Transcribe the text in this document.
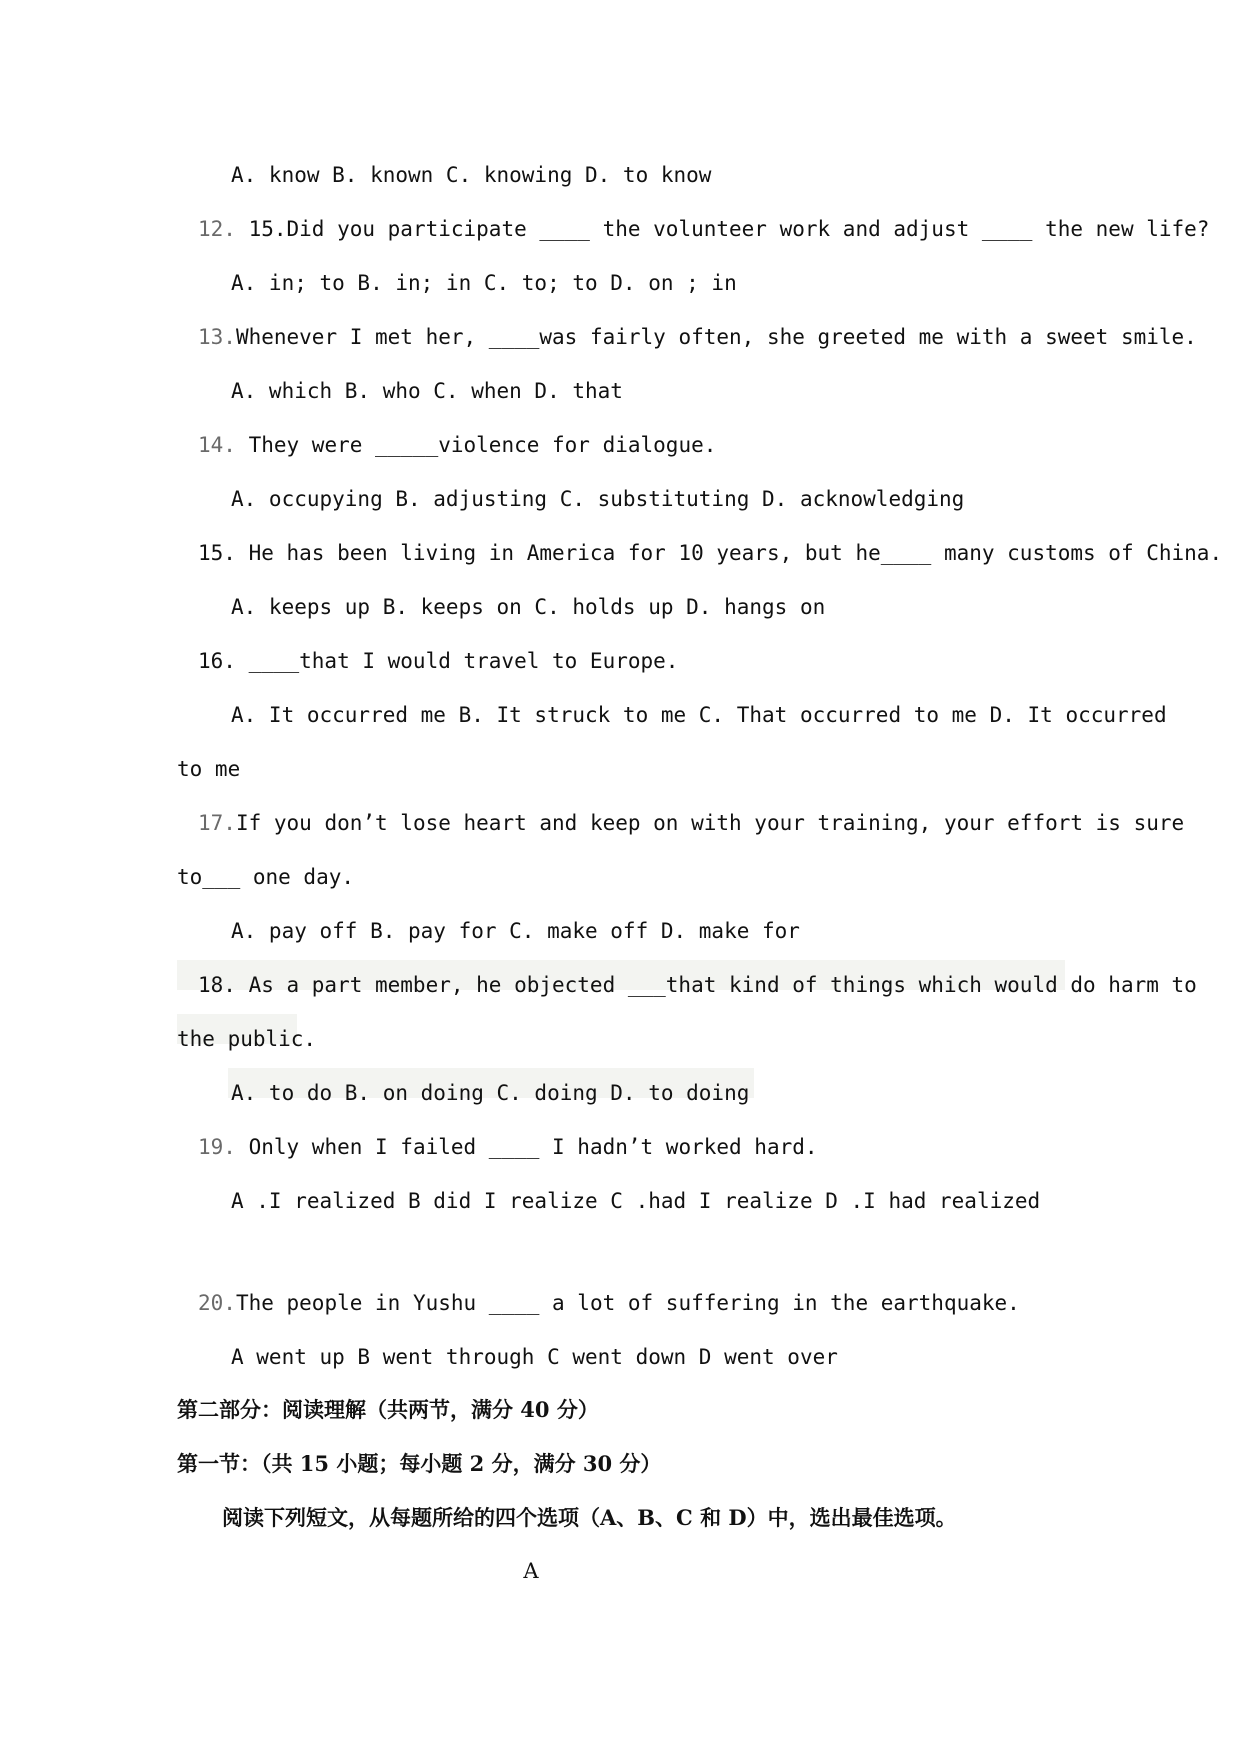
A. know B. known C. knowing D. to know
12. 15.Did you participate ____ the volunteer work and adjust ____ the new life?
A. in; to B. in; in C. to; to D. on ; in
13.Whenever I met her, ____was fairly often, she greeted me with a sweet smile.
A. which B. who C. when D. that
14. They were _____violence for dialogue.
A. occupying B. adjusting C. substituting D. acknowledging
15. He has been living in America for 10 years, but he____ many customs of China.
A. keeps up B. keeps on C. holds up D. hangs on
16. ____that I would travel to Europe.
A. It occurred me B. It struck to me C. That occurred to me D. It occurred
to me
17.If you don’t lose heart and keep on with your training, your effort is sure
to___ one day.
A. pay off B. pay for C. make off D. make for
18. As a part member, he objected ___that kind of things which would do harm to
the public.
A. to do B. on doing C. doing D. to doing
19. Only when I failed ____ I hadn’t worked hard.
A .I realized B did I realize C .had I realize D .I had realized
20.The people in Yushu ____ a lot of suffering in the earthquake.
A went up B went through C went down D went over
第二部分：阅读理解（共两节，满分 40 分）
第一节：（共 15 小题；每小题 2 分，满分 30 分）
阅读下列短文，从每题所给的四个选项（A、B、C 和 D）中，选出最佳选项。
A
